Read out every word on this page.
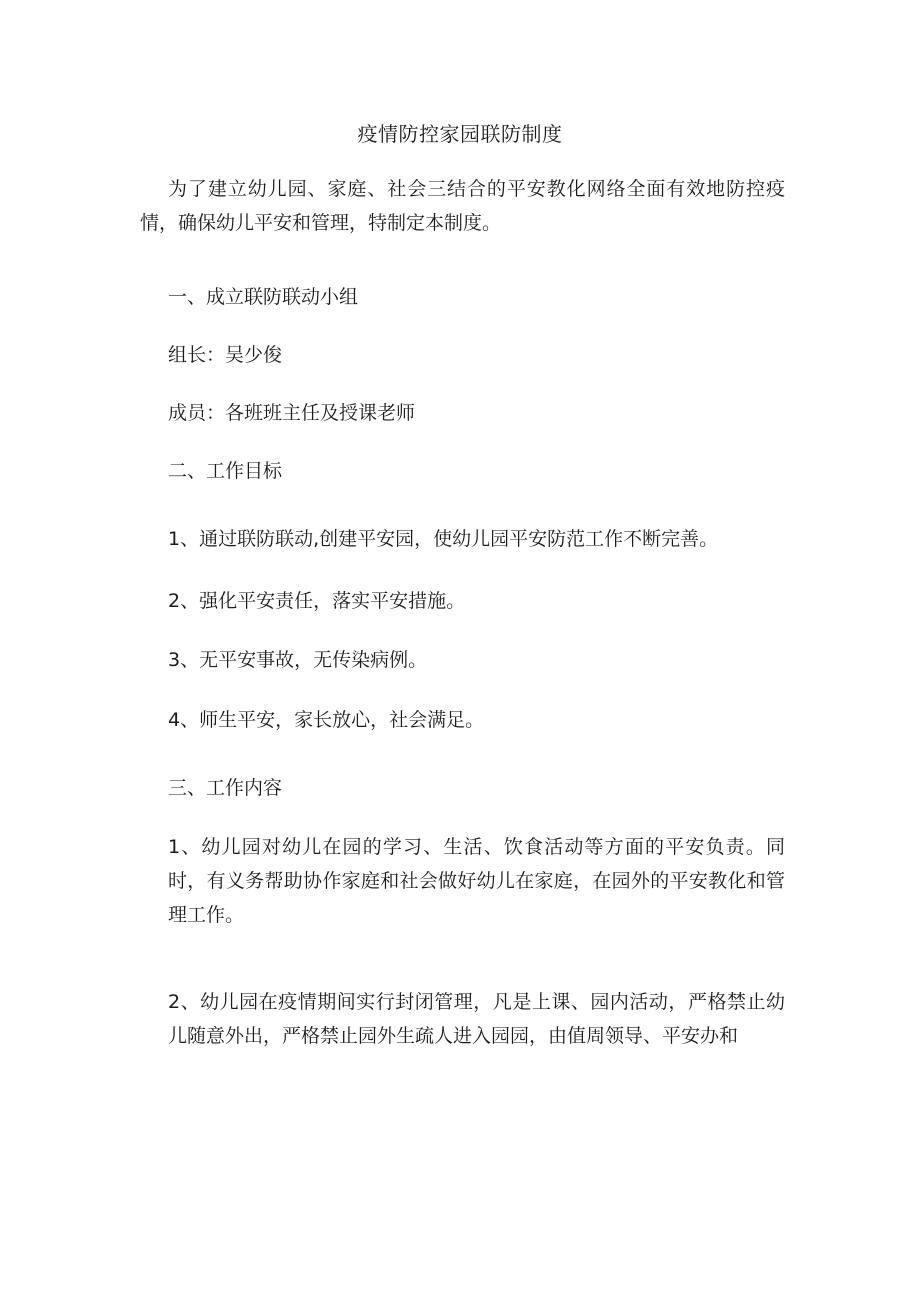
疫情防控家园联防制度

为了建立幼儿园、家庭、社会三结合的平安教化网络全面有效地防控疫情，确保幼儿平安和管理，特制定本制度。

一、成立联防联动小组

组长：吴少俊

成员：各班班主任及授课老师

二、工作目标

1、通过联防联动,创建平安园，使幼儿园平安防范工作不断完善。

2、强化平安责任，落实平安措施。

3、无平安事故，无传染病例。

4、师生平安，家长放心，社会满足。

三、工作内容

1、幼儿园对幼儿在园的学习、生活、饮食活动等方面的平安负责。同时，有义务帮助协作家庭和社会做好幼儿在家庭，在园外的平安教化和管理工作。

2、幼儿园在疫情期间实行封闭管理，凡是上课、园内活动，严格禁止幼儿随意外出，严格禁止园外生疏人进入园园，由值周领导、平安办和
